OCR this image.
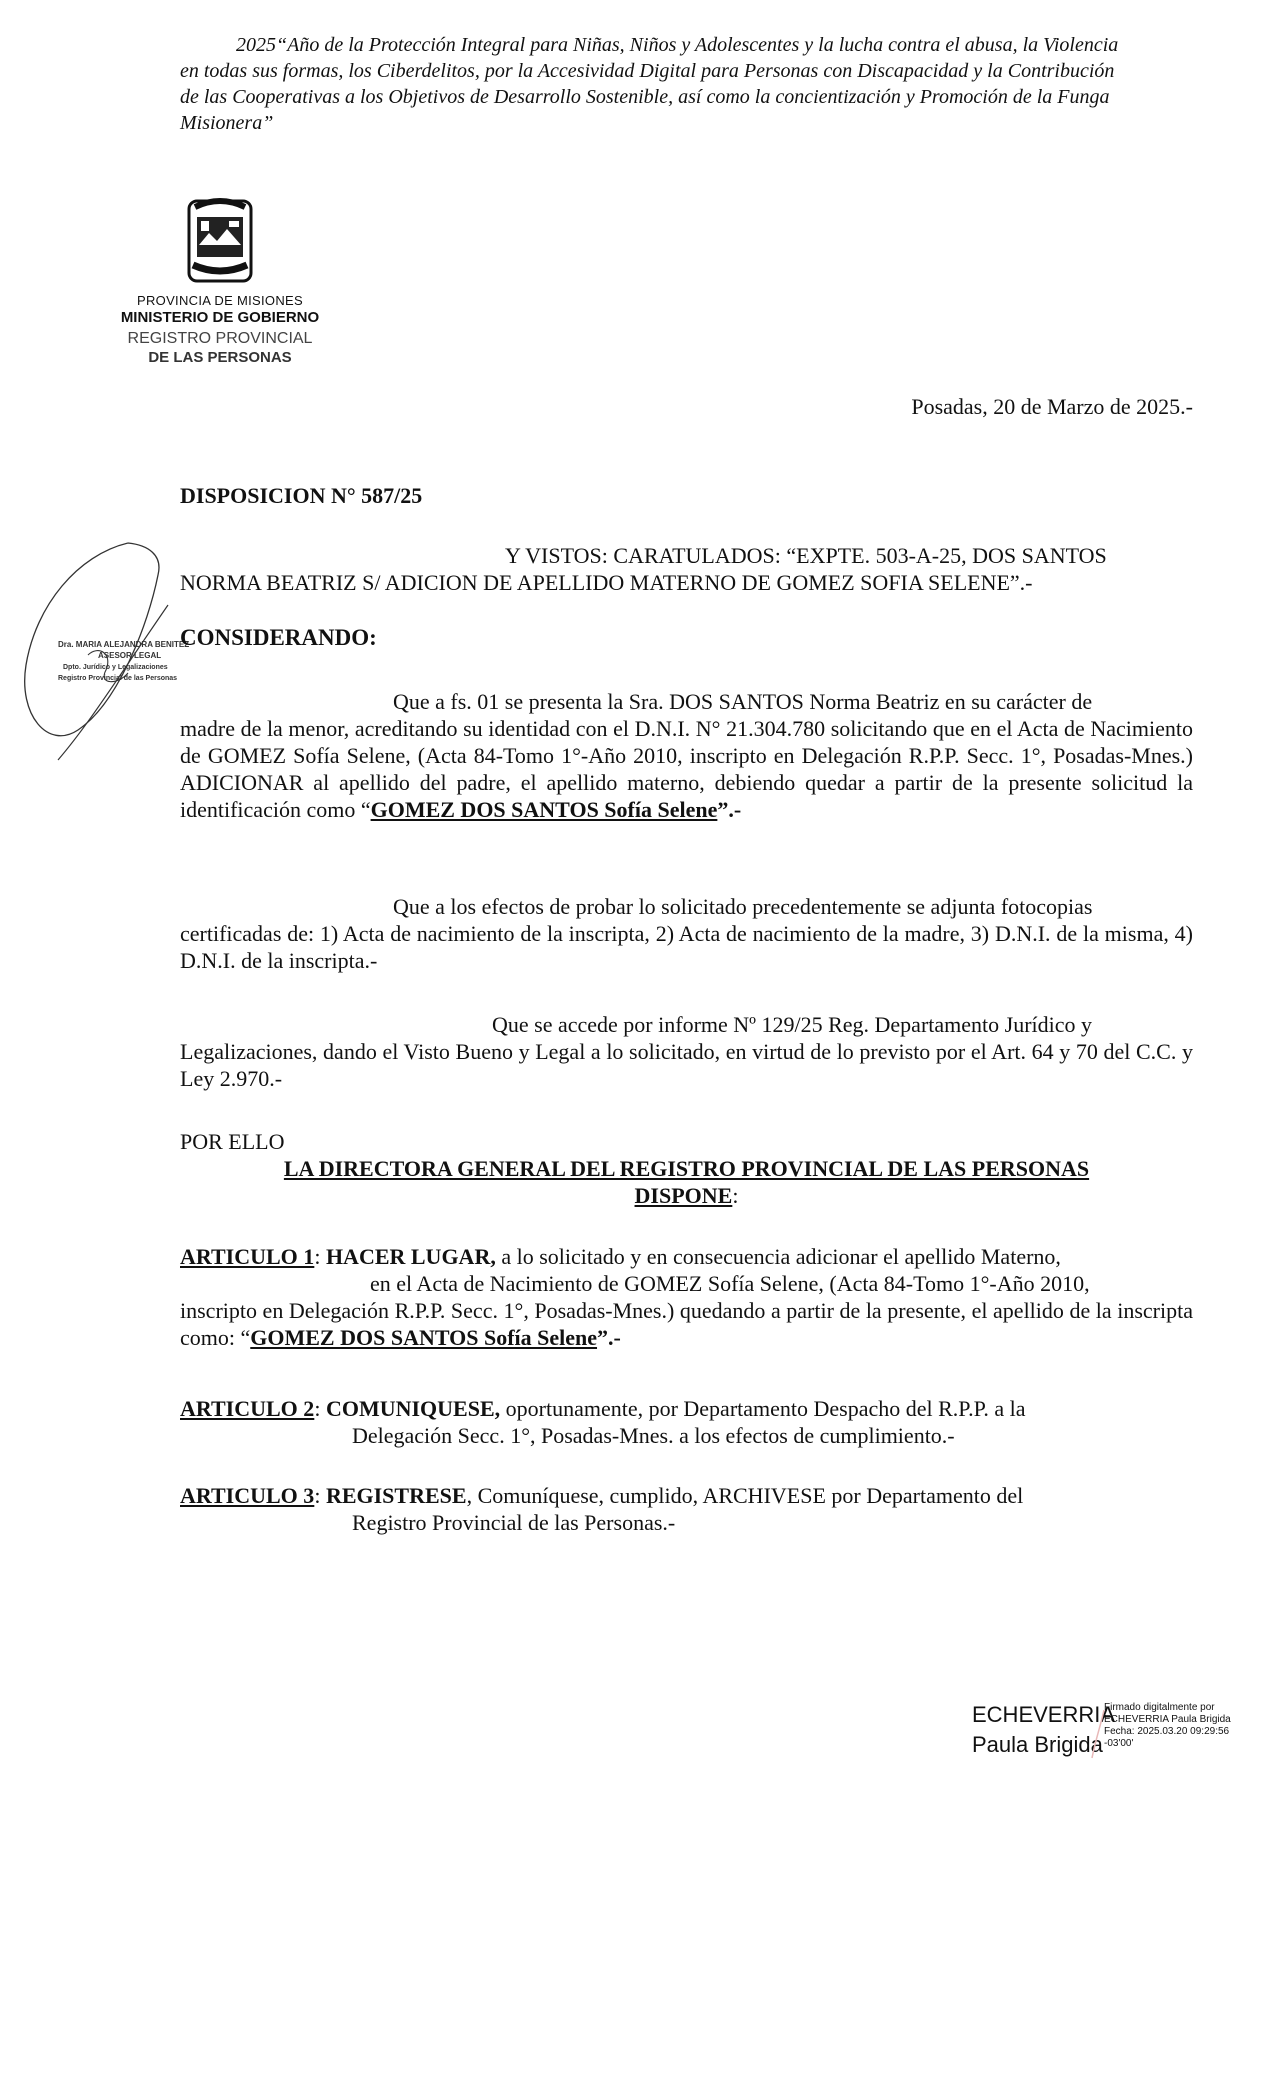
2025“Año de la Protección Integral para Niñas, Niños y Adolescentes y la lucha contra el abusa, la Violencia

en todas sus formas, los Ciberdelitos, por la Accesividad Digital para Personas con Discapacidad y la Contribución

de las Cooperativas a los Objetivos de Desarrollo Sostenible, así como la concientización y Promoción de la Funga

Misionera”

PROVINCIA DE MISIONES
MINISTERIO DE GOBIERNO
REGISTRO PROVINCIAL
DE LAS PERSONAS
Dra. MARIA ALEJANDRA BENITEZ
ASESOR LEGAL
Dpto. Jurídico y Legalizaciones
Registro Provincial de las Personas
Posadas, 20 de Marzo de 2025.-
DISPOSICION N° 587/25
Y VISTOS: CARATULADOS: “EXPTE. 503-A-25, DOS SANTOS
NORMA BEATRIZ S/ ADICION DE APELLIDO MATERNO DE GOMEZ SOFIA SELENE”.-
CONSIDERANDO:

Que a fs. 01 se presenta la Sra. DOS SANTOS Norma Beatriz en su carácter de
madre de la menor, acreditando su identidad con el D.N.I. N° 21.304.780 solicitando que en el Acta de Nacimiento de GOMEZ Sofía Selene, (Acta 84-Tomo 1°-Año 2010, inscripto en Delegación R.P.P. Secc. 1°, Posadas-Mnes.) ADICIONAR al apellido del padre, el apellido materno, debiendo quedar a partir de la presente solicitud la identificación como “GOMEZ DOS SANTOS Sofía Selene”.-

Que a los efectos de probar lo solicitado precedentemente se adjunta fotocopias
certificadas de: 1) Acta de nacimiento de la inscripta, 2) Acta de nacimiento de la madre, 3) D.N.I. de la misma, 4) D.N.I. de la inscripta.-

Que se accede por informe Nº 129/25 Reg. Departamento Jurídico y
Legalizaciones, dando el Visto Bueno y Legal a lo solicitado, en virtud de lo previsto por el Art. 64 y 70 del C.C. y Ley 2.970.-

POR ELLO
LA DIRECTORA GENERAL DEL REGISTRO PROVINCIAL DE LAS PERSONAS
DISPONE:
ARTICULO 1: HACER LUGAR, a lo solicitado y en consecuencia adicionar el apellido Materno,
en el Acta de Nacimiento de GOMEZ Sofía Selene, (Acta 84-Tomo 1°-Año 2010,
inscripto en Delegación R.P.P. Secc. 1°, Posadas-Mnes.) quedando a partir de la presente, el apellido de la inscripta como: “GOMEZ DOS SANTOS Sofía Selene”.-
ARTICULO 2: COMUNIQUESE, oportunamente, por Departamento Despacho del R.P.P. a la
Delegación Secc. 1°, Posadas-Mnes. a los efectos de cumplimiento.-
ARTICULO 3: REGISTRESE, Comuníquese, cumplido, ARCHIVESE por Departamento del
Registro Provincial de las Personas.-
ECHEVERRIA
Paula Brigida
Firmado digitalmente por
ECHEVERRIA Paula Brigida
Fecha: 2025.03.20 09:29:56
-03'00'
